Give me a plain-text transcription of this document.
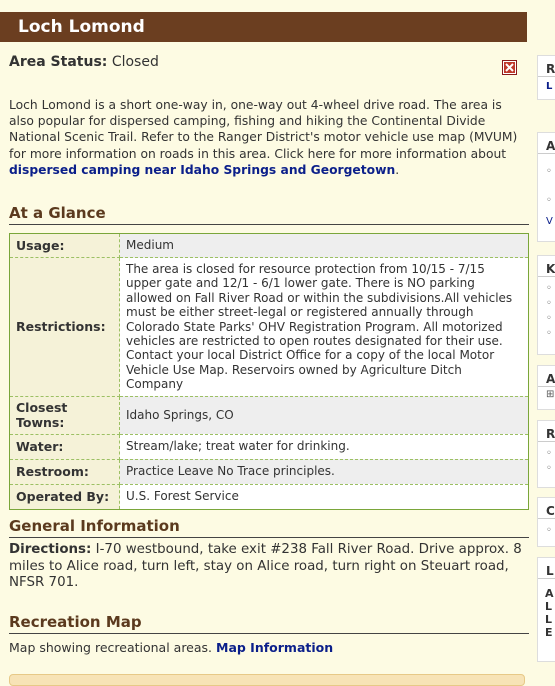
Loch Lomond
Area Status: Closed
Loch Lomond is a short one-way in, one-way out 4-wheel drive road. The area is also popular for dispersed camping, fishing and hiking the Continental Divide National Scenic Trail. Refer to the Ranger District's motor vehicle use map (MVUM) for more information on roads in this area. Click here for more information about dispersed camping near Idaho Springs and Georgetown.
At a Glance
Usage:	Medium
Restrictions:	The area is closed for resource protection from 10/15 - 7/15 upper gate and 12/1 - 6/1 lower gate. There is NO parking allowed on Fall River Road or within the subdivisions.All vehicles must be either street-legal or registered annually through Colorado State Parks' OHV Registration Program. All motorized vehicles are restricted to open routes designated for their use. Contact your local District Office for a copy of the local Motor Vehicle Use Map. Reservoirs owned by Agriculture Ditch Company
Closest Towns:	Idaho Springs, CO
Water:	Stream/lake; treat water for drinking.
Restroom:	Practice Leave No Trace principles.
Operated By:	U.S. Forest Service
General Information
Directions: I-70 westbound, take exit #238 Fall River Road. Drive approx. 8 miles to Alice road, turn left, stay on Alice road, turn right on Steuart road, NFSR 701.
Recreation Map
Map showing recreational areas. Map Information
R
L
A
◦
◦
V
K
◦
◦
◦
◦
A
⊞
R
◦
◦
C
◦
L
A
L
L
E
